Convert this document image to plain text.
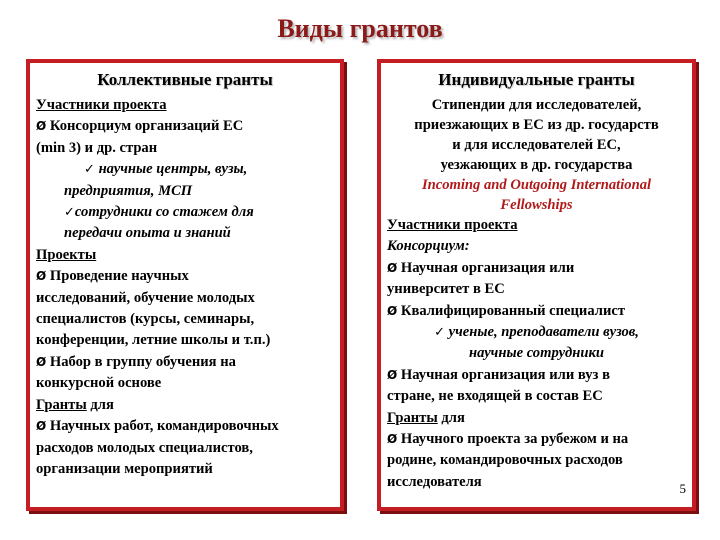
Виды грантов
Коллективные гранты
Участники проекта
Ø Консорциум организаций ЕС
(min 3) и др. стран
✓ научные центры, вузы,
предприятия, МСП
✓сотрудники со стажем для
передачи опыта и знаний
Проекты
Ø Проведение научных
исследований, обучение молодых
специалистов (курсы, семинары,
конференции, летние школы и т.п.)
Ø Набор в группу обучения на
конкурсной основе
Гранты для
Ø Научных работ, командировочных
расходов молодых специалистов,
организации мероприятий
Индивидуальные гранты
Стипендии для исследователей,
приезжающих в ЕС из др. государств
и для исследователей ЕС,
уезжающих в др. государства
Incoming and Outgoing International
Fellowships
Участники проекта
Консорциум:
Ø Научная организация или
университет в ЕС
Ø Квалифицированный специалист
✓ ученые, преподаватели вузов,
научные сотрудники
Ø Научная организация или вуз в
стране, не входящей в состав ЕС
Гранты для
Ø Научного проекта за рубежом и на
родине, командировочных расходов
исследователя	5
